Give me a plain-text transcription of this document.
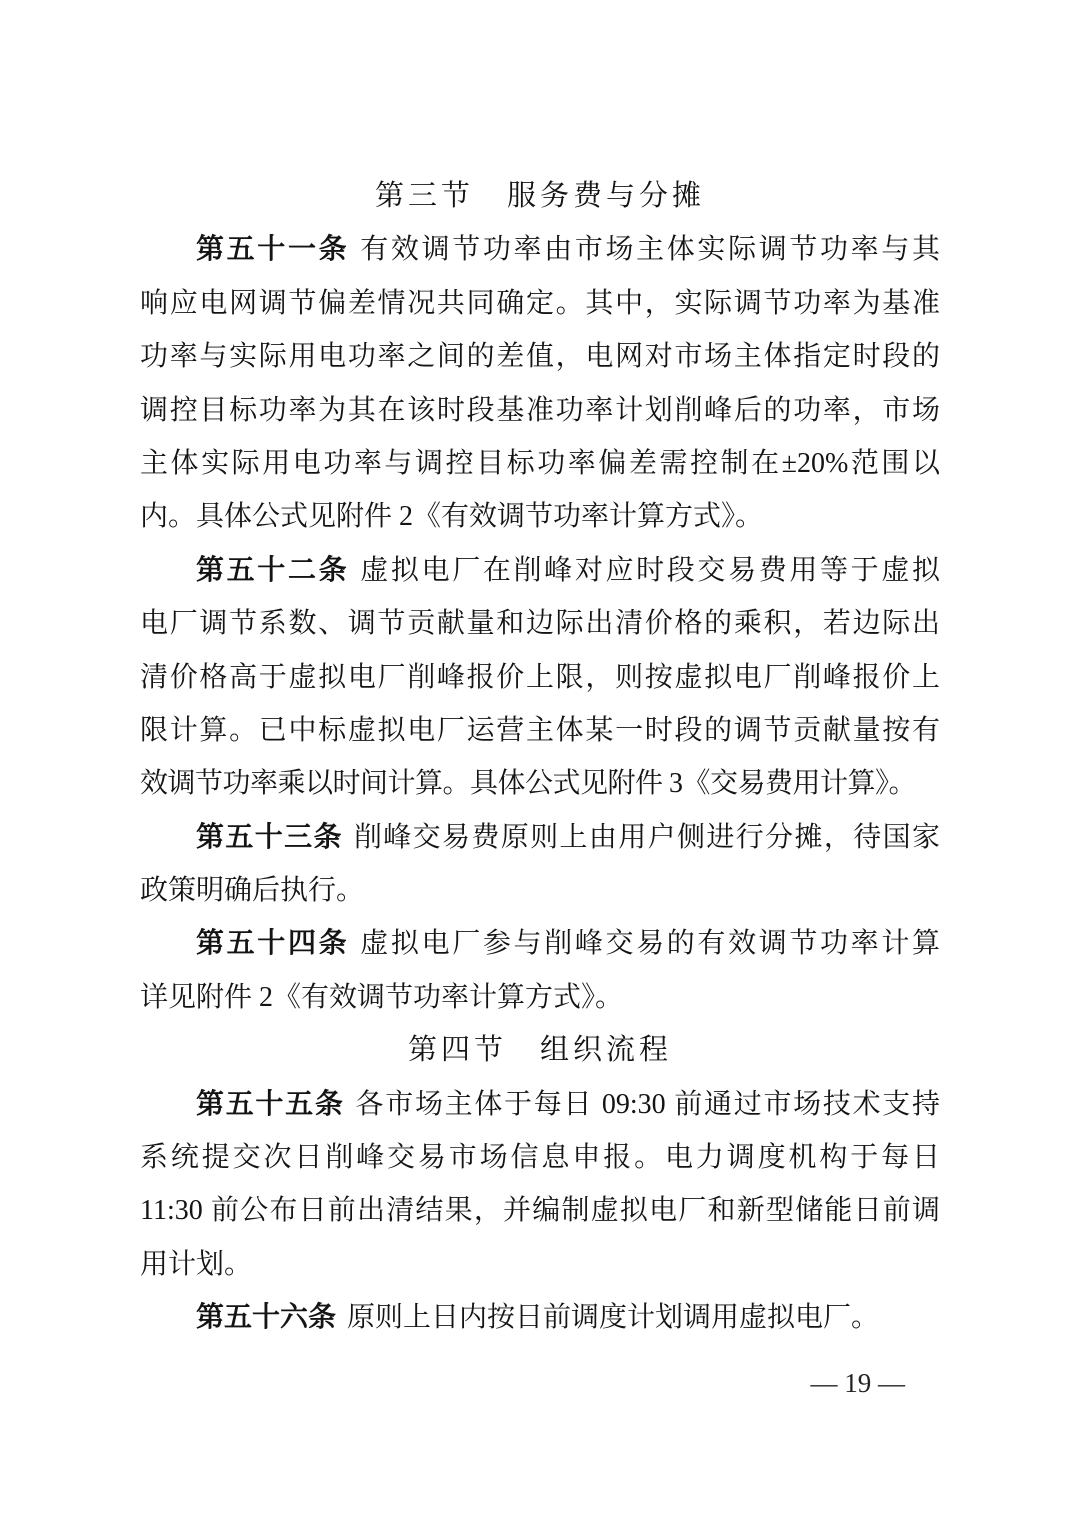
第三节　服务费与分摊
第五十一条 有效调节功率由市场主体实际调节功率与其
响应电网调节偏差情况共同确定。其中，实际调节功率为基准
功率与实际用电功率之间的差值，电网对市场主体指定时段的
调控目标功率为其在该时段基准功率计划削峰后的功率，市场
主体实际用电功率与调控目标功率偏差需控制在±20%范围以
内。具体公式见附件 2《有效调节功率计算方式》。
第五十二条 虚拟电厂在削峰对应时段交易费用等于虚拟
电厂调节系数、调节贡献量和边际出清价格的乘积，若边际出
清价格高于虚拟电厂削峰报价上限，则按虚拟电厂削峰报价上
限计算。已中标虚拟电厂运营主体某一时段的调节贡献量按有
效调节功率乘以时间计算。具体公式见附件 3《交易费用计算》。
第五十三条 削峰交易费原则上由用户侧进行分摊，待国家
政策明确后执行。
第五十四条 虚拟电厂参与削峰交易的有效调节功率计算
详见附件 2《有效调节功率计算方式》。
第四节　组织流程
第五十五条 各市场主体于每日 09:30 前通过市场技术支持
系统提交次日削峰交易市场信息申报。电力调度机构于每日
11:30 前公布日前出清结果，并编制虚拟电厂和新型储能日前调
用计划。
第五十六条 原则上日内按日前调度计划调用虚拟电厂。
— 19 —
